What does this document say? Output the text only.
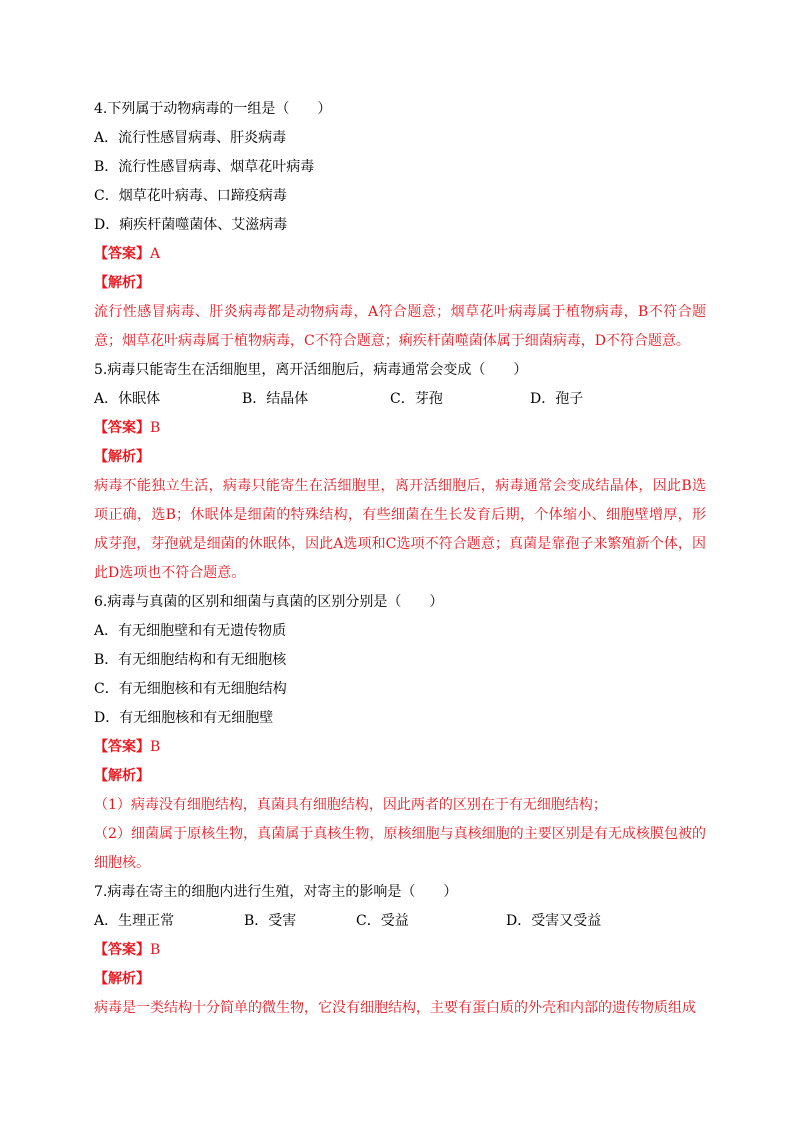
4.下列属于动物病毒的一组是（　　）
A．流行性感冒病毒、肝炎病毒
B．流行性感冒病毒、烟草花叶病毒
C．烟草花叶病毒、口蹄疫病毒
D．痢疾杆菌噬菌体、艾滋病毒
【答案】A
【解析】
流行性感冒病毒、肝炎病毒都是动物病毒，A符合题意；烟草花叶病毒属于植物病毒，B不符合题意；烟草花叶病毒属于植物病毒，C不符合题意；痢疾杆菌噬菌体属于细菌病毒，D不符合题意。
5.病毒只能寄生在活细胞里，离开活细胞后，病毒通常会变成（　　）
A．休眠体	B．结晶体	C．芽孢	D．孢子
【答案】B
【解析】
病毒不能独立生活，病毒只能寄生在活细胞里，离开活细胞后，病毒通常会变成结晶体，因此B选项正确，选B；休眠体是细菌的特殊结构，有些细菌在生长发育后期，个体缩小、细胞壁增厚，形成芽孢，芽孢就是细菌的休眠体，因此A选项和C选项不符合题意；真菌是靠孢子来繁殖新个体，因此D选项也不符合题意。
6.病毒与真菌的区别和细菌与真菌的区别分别是（　　）
A．有无细胞壁和有无遗传物质
B．有无细胞结构和有无细胞核
C．有无细胞核和有无细胞结构
D．有无细胞核和有无细胞壁
【答案】B
【解析】
（1）病毒没有细胞结构，真菌具有细胞结构，因此两者的区别在于有无细胞结构；
（2）细菌属于原核生物，真菌属于真核生物，原核细胞与真核细胞的主要区别是有无成核膜包被的细胞核。
7.病毒在寄主的细胞内进行生殖，对寄主的影响是（　　）
A．生理正常	B．受害	C．受益	D．受害又受益
【答案】B
【解析】
病毒是一类结构十分简单的微生物，它没有细胞结构，主要有蛋白质的外壳和内部的遗传物质组成
